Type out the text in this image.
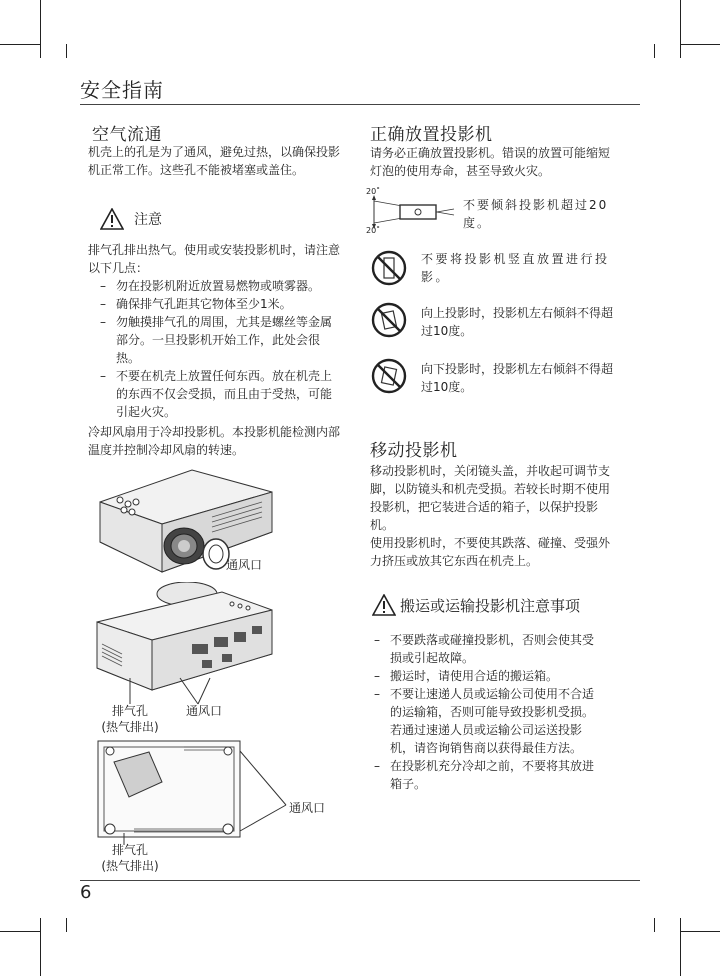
安全指南
空气流通
机壳上的孔是为了通风，避免过热，以确保投影机正常工作。这些孔不能被堵塞或盖住。
注意
排气孔排出热气。使用或安装投影机时，请注意以下几点：
– 勿在投影机附近放置易燃物或喷雾器。
– 确保排气孔距其它物体至少1米。
– 勿触摸排气孔的周围，尤其是螺丝等金属部分。一旦投影机开始工作，此处会很热。
– 不要在机壳上放置任何东西。放在机壳上的东西不仅会受损，而且由于受热，可能引起火灾。
冷却风扇用于冷却投影机。本投影机能检测内部温度并控制冷却风扇的转速。
通风口
排气孔
(热气排出)
通风口
通风口
排气孔
(热气排出)
正确放置投影机
请务必正确放置投影机。错误的放置可能缩短灯泡的使用寿命，甚至导致火灾。
20˚
20˚
不要倾斜投影机超过20度。
不要将投影机竖直放置进行投影。
向上投影时，投影机左右倾斜不得超过10度。
向下投影时，投影机左右倾斜不得超过10度。
移动投影机
移动投影机时，关闭镜头盖，并收起可调节支脚，以防镜头和机壳受损。若较长时期不使用投影机，把它装进合适的箱子，以保护投影机。
使用投影机时，不要使其跌落、碰撞、受强外力挤压或放其它东西在机壳上。
搬运或运输投影机注意事项
– 不要跌落或碰撞投影机，否则会使其受损或引起故障。
– 搬运时，请使用合适的搬运箱。
– 不要让速递人员或运输公司使用不合适的运输箱，否则可能导致投影机受损。若通过速递人员或运输公司运送投影机，请咨询销售商以获得最佳方法。
– 在投影机充分冷却之前，不要将其放进箱子。
6
